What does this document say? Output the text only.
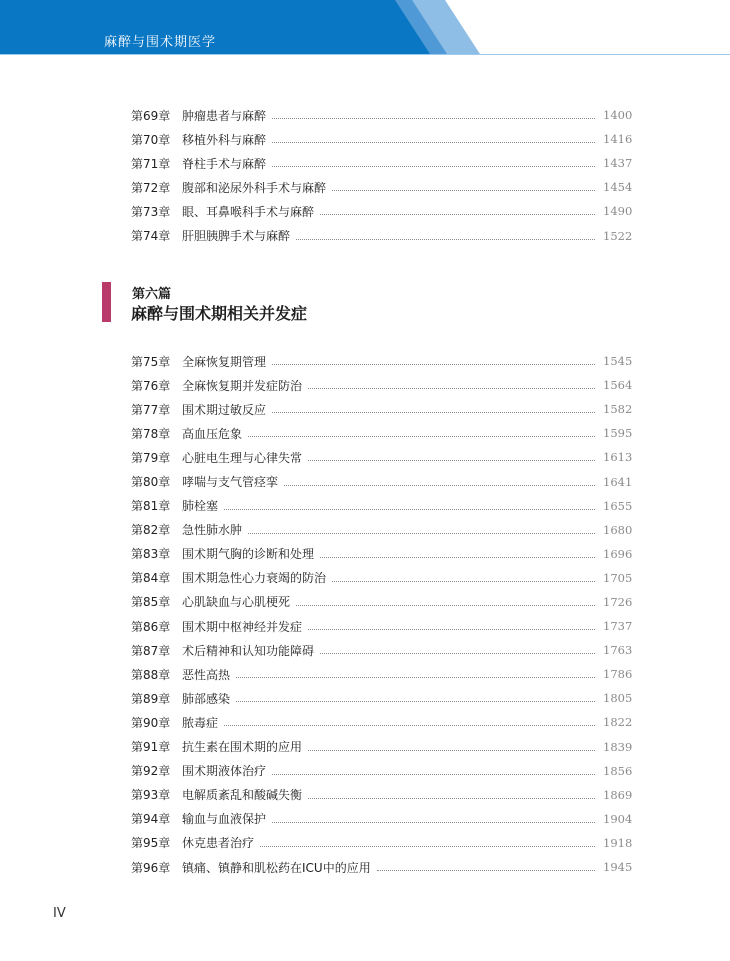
麻醉与围术期医学
第69章 肿瘤患者与麻醉	1400
第70章 移植外科与麻醉	1416
第71章 脊柱手术与麻醉	1437
第72章 腹部和泌尿外科手术与麻醉	1454
第73章 眼、耳鼻喉科手术与麻醉	1490
第74章 肝胆胰脾手术与麻醉	1522
第六篇
麻醉与围术期相关并发症
第75章 全麻恢复期管理	1545
第76章 全麻恢复期并发症防治	1564
第77章 围术期过敏反应	1582
第78章 高血压危象	1595
第79章 心脏电生理与心律失常	1613
第80章 哮喘与支气管痉挛	1641
第81章 肺栓塞	1655
第82章 急性肺水肿	1680
第83章 围术期气胸的诊断和处理	1696
第84章 围术期急性心力衰竭的防治	1705
第85章 心肌缺血与心肌梗死	1726
第86章 围术期中枢神经并发症	1737
第87章 术后精神和认知功能障碍	1763
第88章 恶性高热	1786
第89章 肺部感染	1805
第90章 脓毒症	1822
第91章 抗生素在围术期的应用	1839
第92章 围术期液体治疗	1856
第93章 电解质紊乱和酸碱失衡	1869
第94章 输血与血液保护	1904
第95章 休克患者治疗	1918
第96章 镇痛、镇静和肌松药在ICU中的应用	1945
IV
